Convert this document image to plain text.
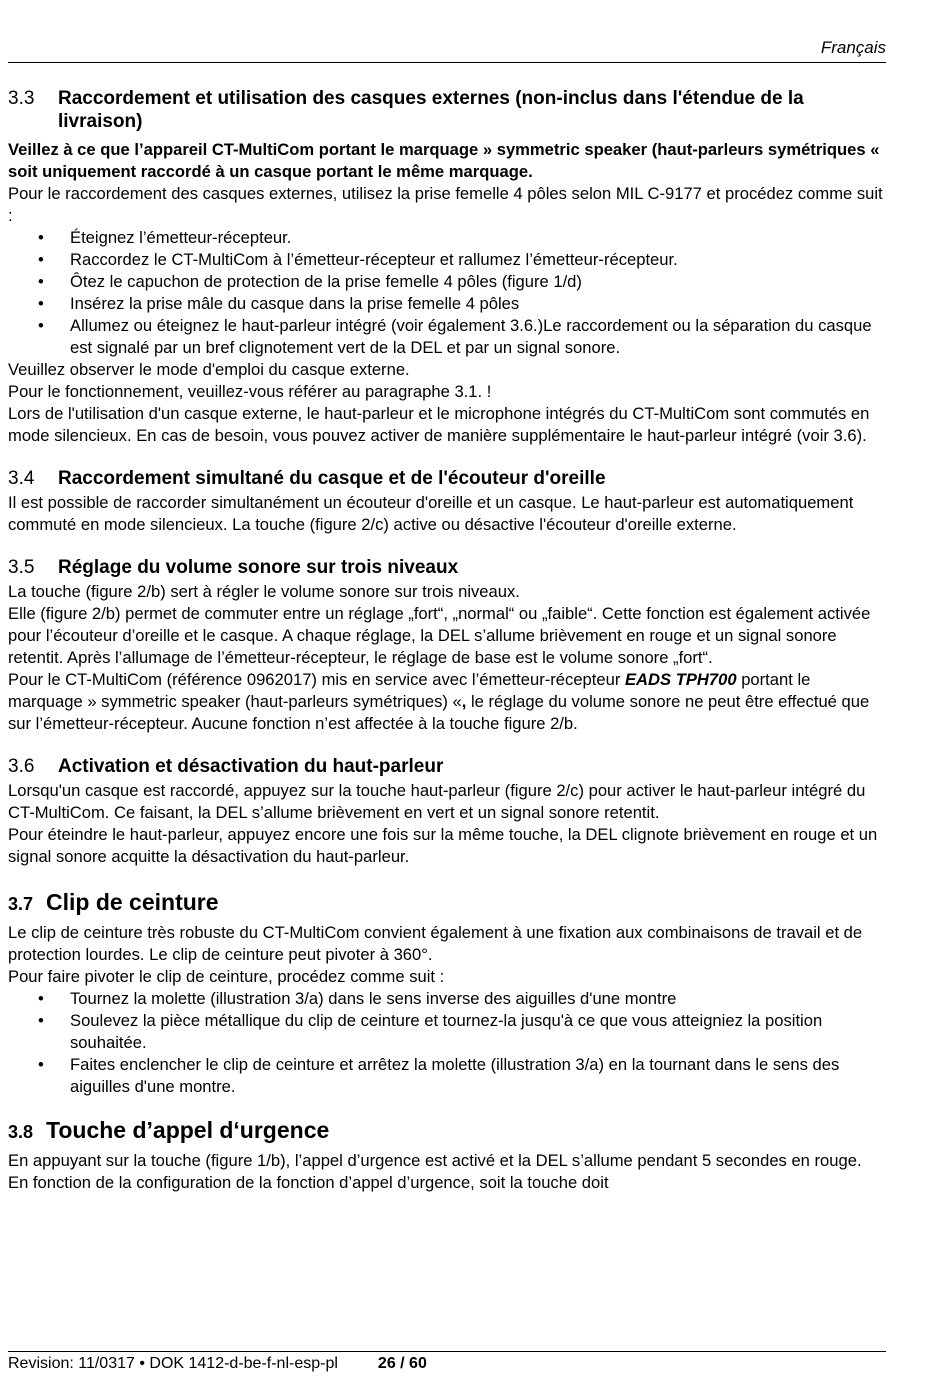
Français
3.3	Raccordement et utilisation des casques externes (non-inclus dans l'étendue de la livraison)

Veillez à ce que l’appareil CT-MultiCom portant le marquage » symmetric speaker (haut-parleurs symétriques « soit uniquement raccordé à un casque portant le même marquage.

Pour le raccordement des casques externes, utilisez la prise femelle 4 pôles selon MIL C-9177 et procédez comme suit :

• Éteignez l’émetteur-récepteur.
• Raccordez le CT-MultiCom à l’émetteur-récepteur et rallumez l’émetteur-récepteur.
• Ôtez le capuchon de protection de la prise femelle 4 pôles (figure 1/d)
• Insérez la prise mâle du casque dans la prise femelle 4 pôles
• Allumez ou éteignez le haut-parleur intégré (voir également 3.6.)Le raccordement ou la séparation du casque est signalé par un bref clignotement vert de la DEL et par un signal sonore.

Veuillez observer le mode d'emploi du casque externe.

Pour le fonctionnement, veuillez-vous référer au paragraphe 3.1. !

Lors de l'utilisation d'un casque externe, le haut-parleur et le microphone intégrés du CT-MultiCom sont commutés en mode silencieux. En cas de besoin, vous pouvez activer de manière supplémentaire le haut-parleur intégré (voir 3.6).

3.4 Raccordement simultané du casque et de l'écouteur d'oreille

Il est possible de raccorder simultanément un écouteur d'oreille et un casque. Le haut-parleur est automatiquement commuté en mode silencieux. La touche (figure 2/c) active ou désactive l'écouteur d'oreille externe.

3.5 Réglage du volume sonore sur trois niveaux

La touche (figure 2/b) sert à régler le volume sonore sur trois niveaux.

Elle (figure 2/b) permet de commuter entre un réglage „fort“, „normal“ ou „faible“. Cette fonction est également activée pour l’écouteur d’oreille et le casque. A chaque réglage, la DEL s’allume brièvement en rouge et un signal sonore retentit. Après l’allumage de l’émetteur-récepteur, le réglage de base est le volume sonore „fort“.

Pour le CT-MultiCom (référence 0962017) mis en service avec l’émetteur-récepteur EADS TPH700 portant le marquage » symmetric speaker (haut-parleurs symétriques) «, le réglage du volume sonore ne peut être effectué que sur l’émetteur-récepteur. Aucune fonction n’est affectée à la touche figure 2/b.

3.6 Activation et désactivation du haut-parleur

Lorsqu'un casque est raccordé, appuyez sur la touche haut-parleur (figure 2/c) pour activer le haut-parleur intégré du CT-MultiCom. Ce faisant, la DEL s’allume brièvement en vert et un signal sonore retentit.

Pour éteindre le haut-parleur, appuyez encore une fois sur la même touche, la DEL clignote brièvement en rouge et un signal sonore acquitte la désactivation du haut-parleur.

3.7 Clip de ceinture

Le clip de ceinture très robuste du CT-MultiCom convient également à une fixation aux combinaisons de travail et de protection lourdes. Le clip de ceinture peut pivoter à 360°.

Pour faire pivoter le clip de ceinture, procédez comme suit :

• Tournez la molette (illustration 3/a) dans le sens inverse des aiguilles d'une montre
• Soulevez la pièce métallique du clip de ceinture et tournez-la jusqu'à ce que vous atteigniez la position souhaitée.
• Faites enclencher le clip de ceinture et arrêtez la molette (illustration 3/a) en la tournant dans le sens des aiguilles d'une montre.
3.8 Touche d’appel d‘urgence

En appuyant sur la touche (figure 1/b), l’appel d’urgence est activé et la DEL s’allume pendant 5 secondes en rouge. En fonction de la configuration de la fonction d’appel d’urgence, soit la touche doit

Revision: 11/0317 • DOK 1412-d-be-f-nl-esp-pl	26 / 60
